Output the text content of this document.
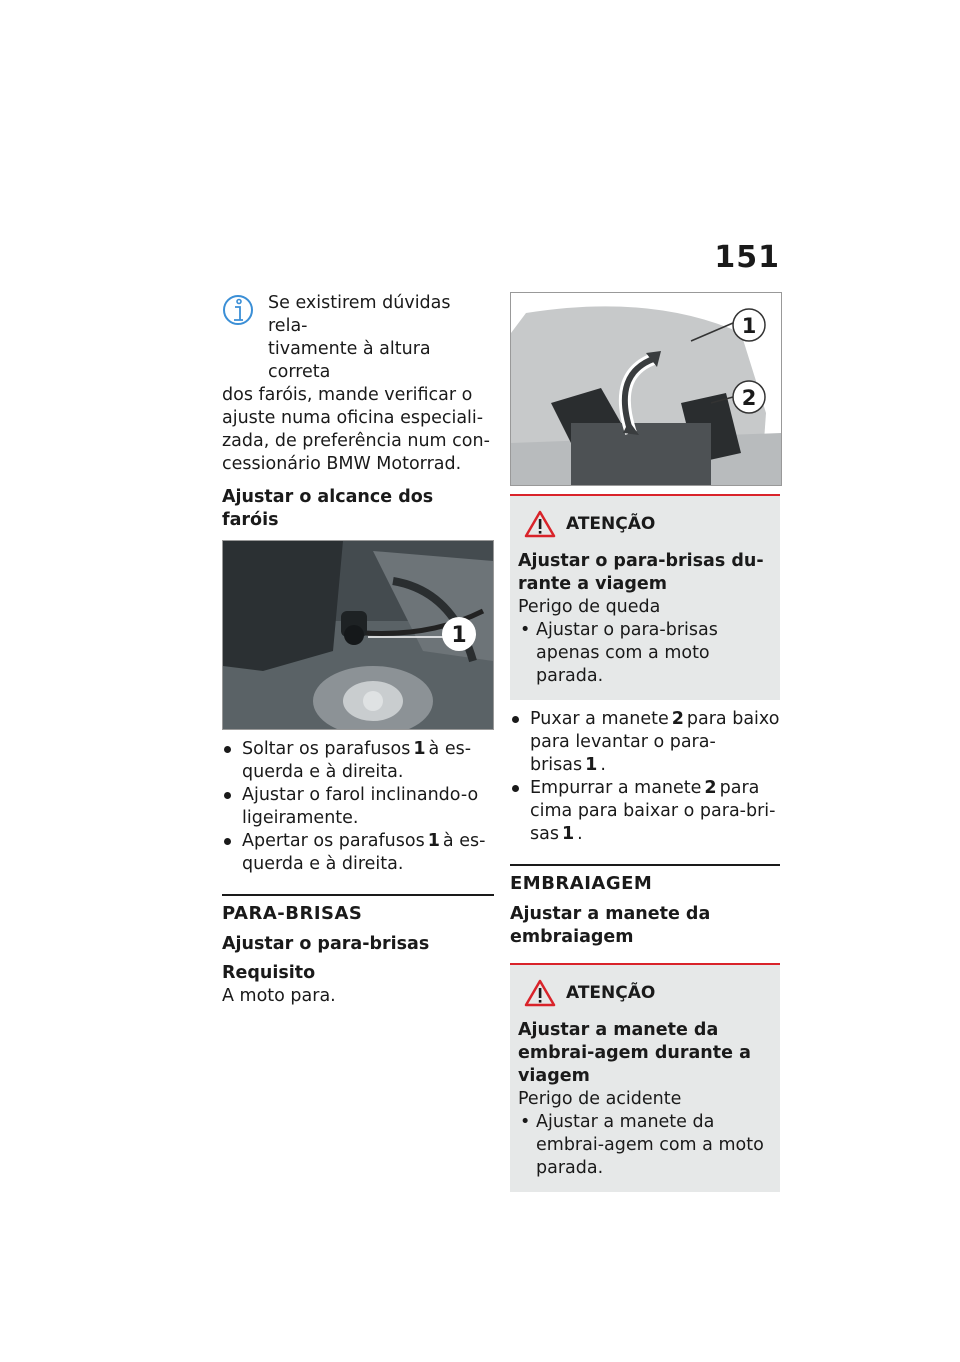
151
Se existirem dúvidas rela-
tivamente à altura correta
dos faróis, mande verificar o
ajuste numa oficina especiali-
zada, de preferência num con-
cessionário BMW Motorrad.

Ajustar o alcance dos faróis

1
Soltar os parafusos 1 à es-querda e à direita.
Ajustar o farol inclinando-o ligeiramente.
Apertar os parafusos 1 à es-querda e à direita.

PARA-BRISAS

Ajustar o para-brisas

Requisito

A moto para.

1
2
ATENÇÃO

Ajustar o para-brisas du-rante a viagem

Perigo de queda

• Ajustar o para-brisas apenas com a moto parada.
Puxar a manete 2 para baixo para levantar o para-brisas 1 .
Empurrar a manete 2 para cima para baixar o para-bri-sas 1 .

EMBRAIAGEM

Ajustar a manete da embraiagem

ATENÇÃO

Ajustar a manete da embrai-agem durante a viagem

Perigo de acidente

• Ajustar a manete da embrai-agem com a moto parada.
